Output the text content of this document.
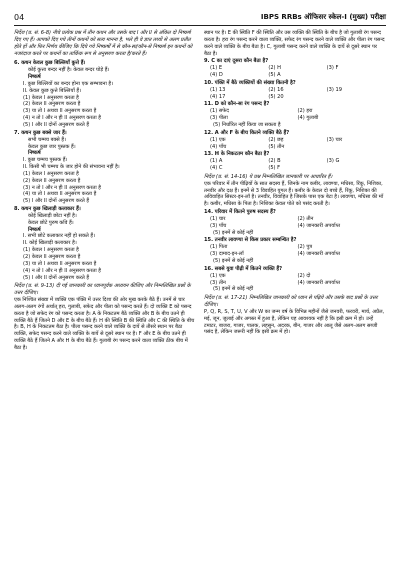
04	IBPS RRBs ऑफिसर स्केल-I (मुख्य) परीक्षा

निर्देश (प्र. सं. 6-8) नीचे प्रत्येक प्रश्न में तीन कथन और उसके बाद I और II से अंकित दो निष्कर्ष दिए गए हैं। आपको दिए गये तीनों कथनों को सत्य मानना है, भले ही वे ज्ञात तथ्यों से अलग प्रतीत होते हों और फिर निर्णय कीजिए कि दिये गये निष्कर्षों में से कौन-सा/कौन-से निष्कर्ष इन कथनों को नजरंदाज करते पर कथनों का तार्किक रूप से अनुसरण करता है/करते हैं।

6. कथन केवल कुछ बिल्लियाँ कुत्ते हैं।

कोई कुत्ता बन्दर नहीं है। केवल बन्दर घोड़े हैं।

निष्कर्ष

I. कुछ बिल्लियों का बन्दर होना एक सम्भावना है।

II. केवल कुछ कुत्ते बिल्लियाँ हैं।

(1) केवल I अनुसरण करता है

(2) केवल II अनुसरण करता है

(3) या तो I अथवा II अनुसरण करता है

(4) न तो I और न ही II अनुसरण करता है

(5) I और II दोनों अनुसरण करते हैं

7. कथन कुछ बक्से जार हैं।

सभी चम्मच बक्से हैं।

केवल कुछ जार पुस्तक हैं।

निष्कर्ष

I. कुछ चम्मच पुस्तक हैं।

II. किसी भी चम्मच के जार होने की संभावना नहीं है।

(1) केवल I अनुसरण करता है

(2) केवल II अनुसरण करता है

(3) न तो I और न ही II अनुसरण करता है

(4) या तो I अथवा II अनुसरण करता है

(5) I और II दोनों अनुसरण करते हैं

8. कथन कुछ खिलाड़ी कलाकार हैं।

कोई खिलाड़ी छोटा नहीं है।

केवल छोटे पुरुष कवि हैं।

निष्कर्ष

I. सभी छोटे कलाकार नहीं हो सकते हैं।

II. कोई खिलाड़ी कलाकार है।

(1) केवल I अनुसरण करता है

(2) केवल II अनुसरण करता है

(3) या तो I अथवा II अनुसरण करता है

(4) न तो I और न ही II अनुसरण करता है

(5) I और II दोनों अनुसरण करते हैं

निर्देश (प्र. सं. 9-13) दी गई जानकारी का ध्यानपूर्वक अध्ययन कीजिए और निम्नलिखित प्रश्नों के उत्तर दीजिए।

एक निश्चित संख्या में व्यक्ति एक पंक्ति में उत्तर दिशा की ओर मुख करके बैठे हैं। उनमें से चार अलग-अलग रंगों अर्थात् हरा, गुलाबी, सफेद और पीला को पसन्द करते हैं। दो व्यक्ति E को पसन्द करता है जो सफेद रंग को पसन्द करता है। A के निकटतम बैठे व्यक्ति और B के बीच उतने ही व्यक्ति बैठे हैं जितने D और E के बीच बैठे हैं। H की स्थिति B की स्थिति और C की स्थिति के बीच है। B, H के निकटतम बैठा है। पीला पसन्द करने वाले व्यक्ति के दायें से तीसरे स्थान पर बैठा व्यक्ति, सफेद पसन्द करने वाले व्यक्ति के बायें से दूसरे स्थान पर है। F और E के बीच उतने ही व्यक्ति बैठे हैं जितने A और H के बीच बैठे हैं। गुलाबी रंग पसन्द करने वाला व्यक्ति ठीक बीच में बैठा है।

स्थान पर है। E की स्थिति F की स्थिति और उस व्यक्ति की स्थिति के बीच है जो गुलाबी रंग पसन्द करता है। हरा रंग पसन्द करने वाला व्यक्ति, सफेद रंग पसन्द करने वाले व्यक्ति और पीला रंग पसन्द करने वाले व्यक्ति के बीच बैठा है। C, गुलाबी पसन्द करने वाले व्यक्ति के दायें से दूसरे स्थान पर बैठा है।

9. C का दाएं दूसरा कौन बैठा है?

(1) E	(2) H	(3) F
(4) D	(5) A

10. पंक्ति में बैठे व्यक्तियों की संख्या कितनी है?

(1) 13	(2) 16	(3) 19
(4) 17	(5) 20

11. D को कौन-सा रंग पसन्द है?

(1) सफेद	(2) हरा
(3) पीला	(4) गुलाबी

(5) निर्धारित नहीं किया जा सकता है

12. A और F के बीच कितने व्यक्ति बैठे हैं?

(1) एक	(2) छह	(3) चार
(4) पाँच	(5) तीन

13. H के निकटतम कौन बैठा है?

(1) A	(2) B	(3) G
(4) C	(5) F

निर्देश (प्र. सं. 14-16) ये प्रश्न निम्नलिखित जानकारी पर आधारित हैं।

एक परिवार में तीन पीढ़ियों के सात सदस्य हैं, जिनके नाम कबीर, लावण्या, मधिसा, रिंकू, निशिका, तनवीर और दक्ष हैं। इनमें से 3 विवाहित युगल हैं। कबीर के केवल दो बच्चे हैं, रिंकू, निशिका की अविवाहित सिस्टर-इन-लॉ है। तनवीर, विवाहित है जिसके पास एक बेटा है। लावण्या, मधिसा की माँ है। कबीर, मधिसा के पिता है। निशिका केवल पोते को पसंद करती है।

14. परिवार में कितने पुरुष सदस्य हैं?

(1) चार	(2) तीन
(3) पाँच	(4) जानकारी अपर्याप्त

(5) इनमें से कोई नहीं

15. तनवीर लावण्या से किस प्रकार सम्बन्धित है?

(1) पिता	(2) पुत्र
(3) दामाद-इन-लॉ	(4) जानकारी अपर्याप्त

(5) इनमें से कोई नहीं

16. सबसे युवा पीढ़ी में कितने व्यक्ति हैं?

(1) एक	(2) दो
(3) तीन	(4) जानकारी अपर्याप्त

(5) इनमें से कोई नहीं

निर्देश (प्र. सं. 17-21) निम्नलिखित जानकारी को ध्यान से पढ़िये और उसके बाद प्रश्नों के उत्तर दीजिए।

P, Q, R, S, T, U, V और W का जन्म वर्ष के विभिन्न महीनों जैसे जनवरी, फरवरी, मार्च, अप्रैल, मई, जून, जुलाई और अगस्त में हुआ है, लेकिन यह आवश्यक नहीं है कि इसी क्रम में हो। उन्हें टमाटर, बाजरा, गाजर, पालक, लहसुन, अदरक, बीन, गाजर और आलू जैसे अलग-अलग सब्जी पसंद है, लेकिन जरूरी नहीं कि इसी क्रम में हो।
